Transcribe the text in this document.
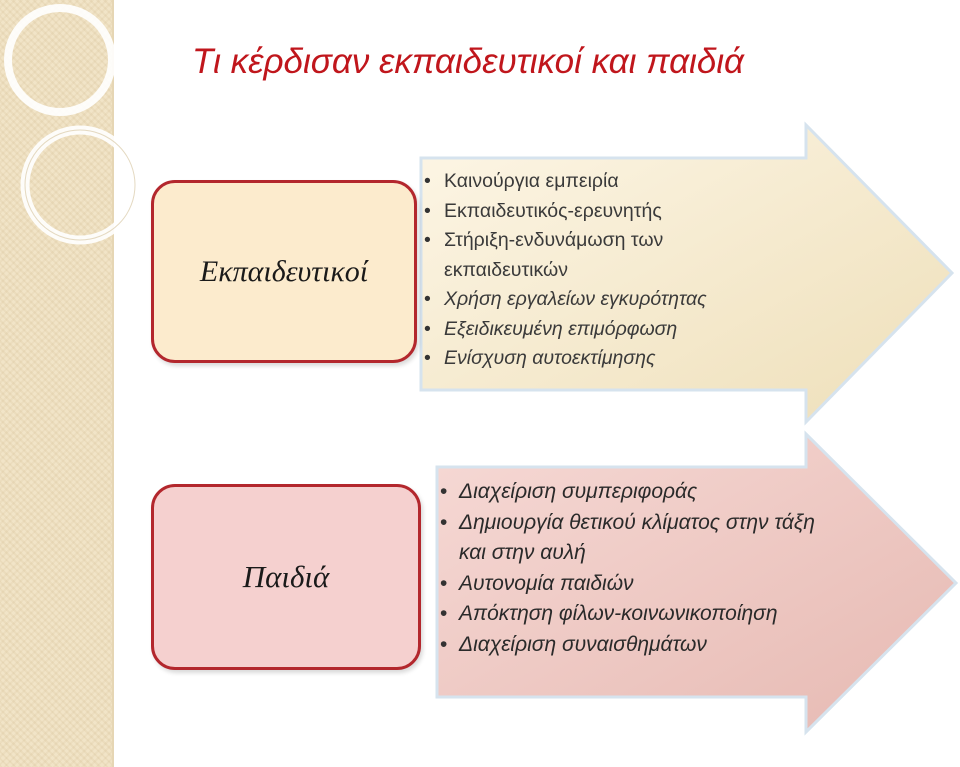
Τι κέρδισαν εκπαιδευτικοί και παιδιά
Εκπαιδευτικοί
Παιδιά
• Καινούργια εμπειρία
• Εκπαιδευτικός-ερευνητής
• Στήριξη-ενδυνάμωση των εκπαιδευτικών
• Χρήση εργαλείων εγκυρότητας
• Εξειδικευμένη επιμόρφωση
• Ενίσχυση αυτοεκτίμησης
• Διαχείριση συμπεριφοράς
• Δημιουργία θετικού κλίματος στην τάξη και στην αυλή
• Αυτονομία παιδιών
• Απόκτηση φίλων-κοινωνικοποίηση
• Διαχείριση συναισθημάτων
